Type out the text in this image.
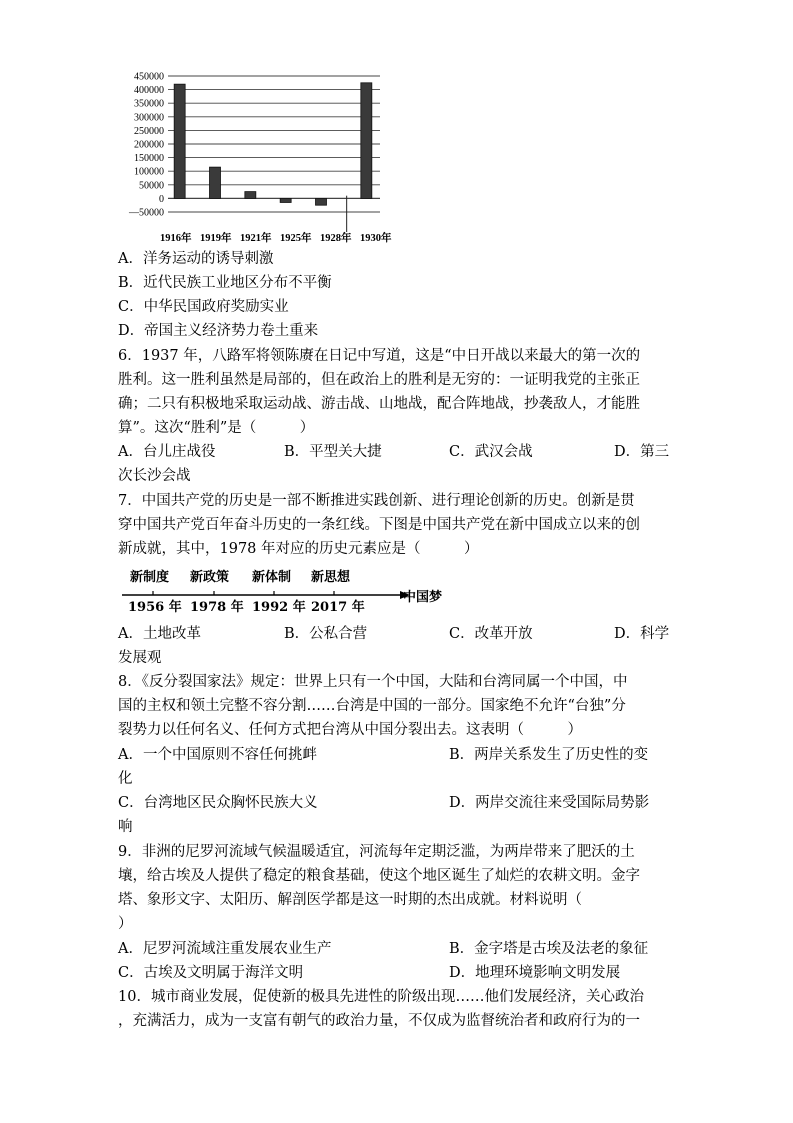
450000
400000
350000
300000
250000
200000
150000
100000
50000
0
—50000
1916年 1919年 1921年 1925年 1928年 1930年
A．洋务运动的诱导刺激
B．近代民族工业地区分布不平衡
C．中华民国政府奖励实业
D．帝国主义经济势力卷土重来
6．1937 年，八路军将领陈赓在日记中写道，这是“中日开战以来最大的第一次的
胜利。这一胜利虽然是局部的，但在政治上的胜利是无穷的：一证明我党的主张正
确；二只有积极地采取运动战、游击战、山地战，配合阵地战，抄袭敌人，才能胜
算”。这次“胜利”是（　　　）
A．台儿庄战役	B．平型关大捷	C．武汉会战	D．第三
次长沙会战
7．中国共产党的历史是一部不断推进实践创新、进行理论创新的历史。创新是贯
穿中国共产党百年奋斗历史的一条红线。下图是中国共产党在新中国成立以来的创
新成就，其中，1978 年对应的历史元素应是（　　　）
新制度 新政策 新体制 新思想
1956 年 1978 年 1992 年 2017 年
中国梦
A．土地改革	B．公私合营	C．改革开放	D．科学
发展观
8．《反分裂国家法》规定：世界上只有一个中国，大陆和台湾同属一个中国，中
国的主权和领土完整不容分割……台湾是中国的一部分。国家绝不允许“台独”分
裂势力以任何名义、任何方式把台湾从中国分裂出去。这表明（　　　）
A．一个中国原则不容任何挑衅	B．两岸关系发生了历史性的变
化
C．台湾地区民众胸怀民族大义	D．两岸交流往来受国际局势影
响
9．非洲的尼罗河流域气候温暖适宜，河流每年定期泛滥，为两岸带来了肥沃的土
壤，给古埃及人提供了稳定的粮食基础，使这个地区诞生了灿烂的农耕文明。金字
塔、象形文字、太阳历、解剖医学都是这一时期的杰出成就。材料说明（
）
A．尼罗河流域注重发展农业生产	B．金字塔是古埃及法老的象征
C．古埃及文明属于海洋文明	D．地理环境影响文明发展
10．城市商业发展，促使新的极具先进性的阶级出现……他们发展经济，关心政治
，充满活力，成为一支富有朝气的政治力量，不仅成为监督统治者和政府行为的一
